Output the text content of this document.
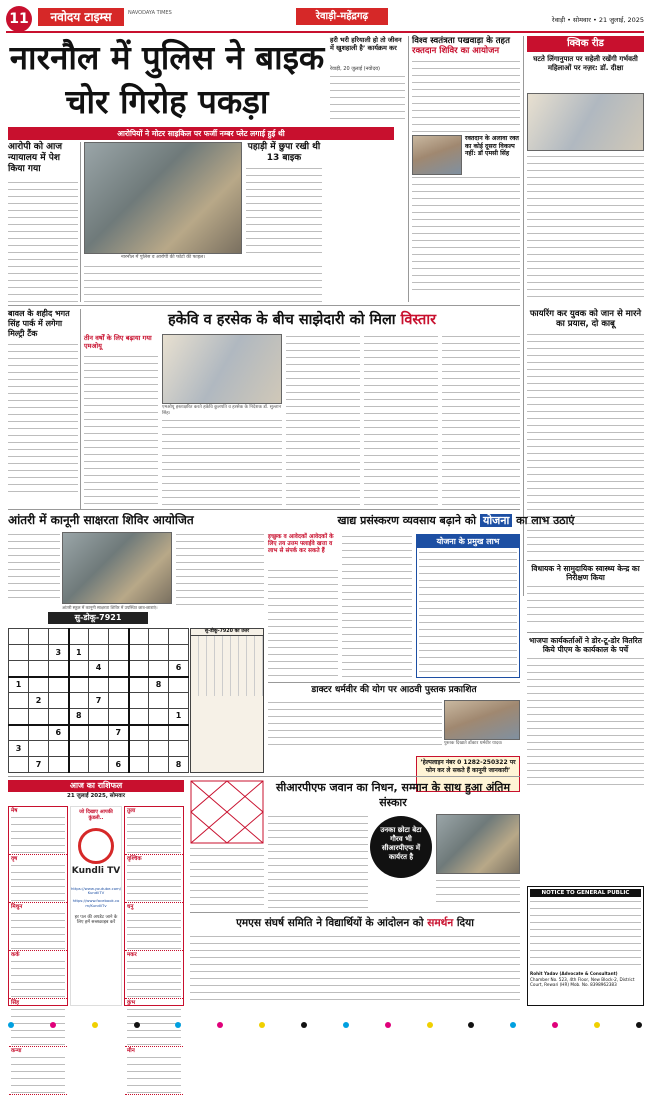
11	नवोदय टाइम्स	NAVODAYA TIMES	रेवाड़ी-महेंद्रगढ़	रेवाड़ी • सोमवार • 21 जुलाई, 2025
नारनौल में पुलिस ने बाइक चोर गिरोह पकड़ा
आरोपियों ने मोटर साइकिल पर फर्जी नम्बर प्लेट लगाई हुई थी
हरी भरी हरियाली हो तो जीवन में खुशहाली है’ कार्यक्रम कर
रेवाड़ी, 20 जुलाई (नवोदय)
आरोपी को आज न्यायालय में पेश किया गया
नारनौल में पुलिस व आरोपी की फोटो की फाइल।
पहाड़ी में छुपा रखी थी 13 बाइक
विश्व स्वतंत्रता पखवाड़ा के तहत
रक्तदान शिविर का आयोजन
रक्तदान के अलावा रक्त का कोई दूसरा विकल्प नहीं: डॉ एमसी सिंह
क्विक रीड
घटते लिंगानुपात पर सहेली रखेंगी गर्भवती महिलाओं पर नज़र: डॉ. दीक्षा
बावल के शहीद भगत सिंह पार्क में लगेगा मिल्ट्री टैंक
हकेवि व हरसेक के बीच साझेदारी को मिला विस्तार
तीन वर्षों के लिए बढ़ाया गया एमओयू
एमओयू हस्ताक्षरित करते हकेवि कुलपति व हरसेक के निदेशक डॉ. सुल्तान सिंह।
फायरिंग कर युवक को जान से मारने का प्रयास, दो काबू
आंतरी में कानूनी साक्षरता शिविर आयोजित
आंतरी स्कूल में कानूनी साक्षरता शिविर में उपस्थित छात्र-छात्राएं।
सु-डोकू-7921

		3	1					
				4				6
1							8	
	2			7				
			8					1
		6			7			
3								
	7				6			8
सु-डोकू-7920 का उत्तर
खाद्य प्रसंस्करण व्यवसाय बढ़ाने को योजना का लाभ उठाएं
इच्छुक व आवेदकों आवेदकों के लिए तय उत्तम फ्लाईवे खत्ता व लाभ से संपर्क कर सकते हैं
योजना के प्रमुख लाभ
विधायक ने सामुदायिक स्वास्थ्य केन्द्र का निरीक्षण किया
भाजपा कार्यकर्ताओं ने डोर-टू-डोर वितरित किये पीएम के कार्यकाल के पर्चे
डाक्टर धर्मवीर की योग पर आठवी पुस्तक प्रकाशित
पुस्तक दिखाते डॉक्टर धर्मवीर यादव।
’हेल्पलाइन नंबर 0 1282-250322 पर फोन कर ले सकते हैं कानूनी जानकारी’
आज का राशिफल
21 जुलाई 2025, सोमवार
मेष
वृष
मिथुन
कर्क
सिंह
कन्या
तुला
वृश्चिक
धनु
मकर
कुंभ
मीन
जो दिखाए आपकी कुंडली..
Kundli TV
https://www.youtube.com/KundliTV
https://www.facebook.com/KundliTv
हर पल की अपडेट जाने के लिए हमें सब्सक्राइब करें
सीआरपीएफ जवान का निधन, सम्मान के साथ हुआ अंतिम संस्कार
उनका छोटा बेटा गौरव भी सीआरपीएफ में कार्यरत है
एमएस संघर्ष समिति ने विद्यार्थियों के आंदोलन को समर्थन दिया
NOTICE TO GENERAL PUBLIC
Rohit Yadav (Advocate & Consultant)
Chamber No. 523, 4th Floor, New Block-2, District Court, Rewari (HR) Mob. No. 8398962383
